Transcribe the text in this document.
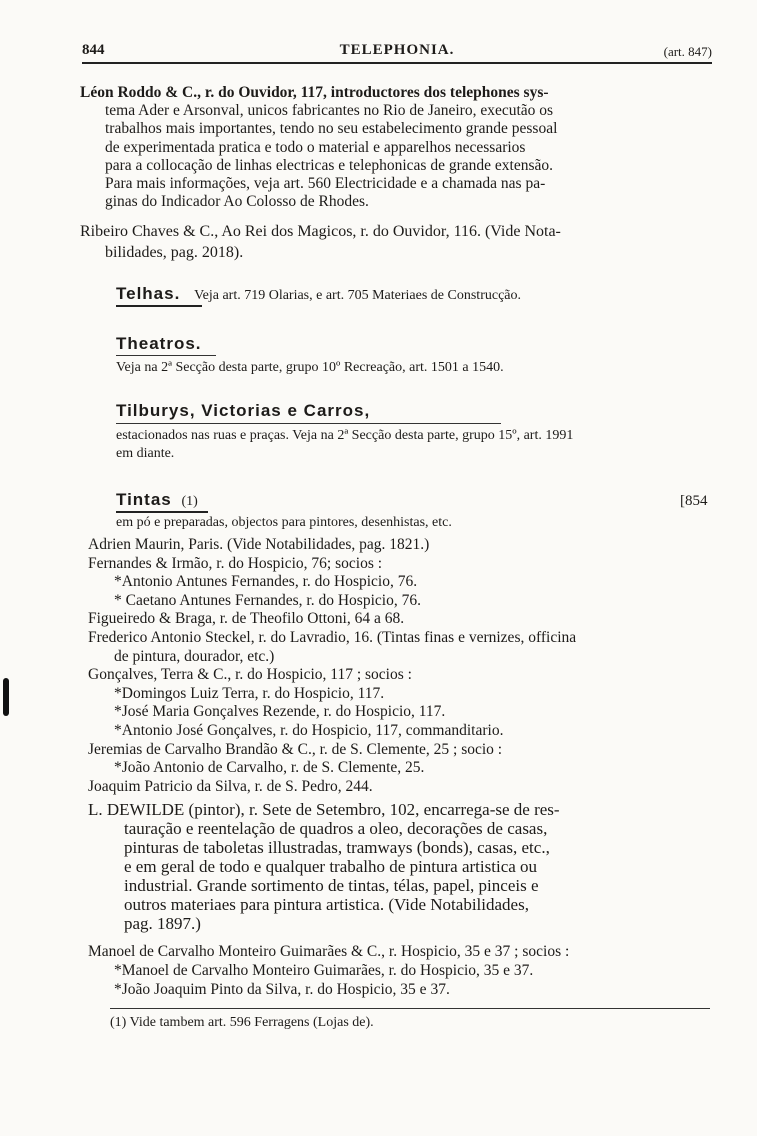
844	TELEPHONIA.	(art. 847)
Léon Roddo & C., r. do Ouvidor, 117, introductores dos telephones sys-
tema Ader e Arsonval, unicos fabricantes no Rio de Janeiro, executão os
trabalhos mais importantes, tendo no seu estabelecimento grande pessoal
de experimentada pratica e todo o material e apparelhos necessarios
para a collocação de linhas electricas e telephonicas de grande extensão.
Para mais informações, veja art. 560 Electricidade e a chamada nas pa-
ginas do Indicador Ao Colosso de Rhodes.
Ribeiro Chaves & C., Ao Rei dos Magicos, r. do Ouvidor, 116. (Vide Nota-
bilidades, pag. 2018).
Telhas. Veja art. 719 Olarias, e art. 705 Materiaes de Construcção.
Theatros.
Veja na 2ª Secção desta parte, grupo 10º Recreação, art. 1501 a 1540.
Tilburys, Victorias e Carros,
estacionados nas ruas e praças. Veja na 2ª Secção desta parte, grupo 15º, art. 1991
em diante.
Tintas (1)	[854
em pó e preparadas, objectos para pintores, desenhistas, etc.
Adrien Maurin, Paris. (Vide Notabilidades, pag. 1821.)
Fernandes & Irmão, r. do Hospicio, 76; socios :
*Antonio Antunes Fernandes, r. do Hospicio, 76.
* Caetano Antunes Fernandes, r. do Hospicio, 76.
Figueiredo & Braga, r. de Theofilo Ottoni, 64 a 68.
Frederico Antonio Steckel, r. do Lavradio, 16. (Tintas finas e vernizes, officina
de pintura, dourador, etc.)
Gonçalves, Terra & C., r. do Hospicio, 117 ; socios :
*Domingos Luiz Terra, r. do Hospicio, 117.
*José Maria Gonçalves Rezende, r. do Hospicio, 117.
*Antonio José Gonçalves, r. do Hospicio, 117, commanditario.
Jeremias de Carvalho Brandão & C., r. de S. Clemente, 25 ; socio :
*João Antonio de Carvalho, r. de S. Clemente, 25.
Joaquim Patricio da Silva, r. de S. Pedro, 244.
L. DEWILDE (pintor), r. Sete de Setembro, 102, encarrega-se de res-
tauração e reentelação de quadros a oleo, decorações de casas,
pinturas de taboletas illustradas, tramways (bonds), casas, etc.,
e em geral de todo e qualquer trabalho de pintura artistica ou
industrial. Grande sortimento de tintas, télas, papel, pinceis e
outros materiaes para pintura artistica. (Vide Notabilidades,
pag. 1897.)
Manoel de Carvalho Monteiro Guimarães & C., r. Hospicio, 35 e 37 ; socios :
*Manoel de Carvalho Monteiro Guimarães, r. do Hospicio, 35 e 37.
*João Joaquim Pinto da Silva, r. do Hospicio, 35 e 37.
(1) Vide tambem art. 596 Ferragens (Lojas de).
